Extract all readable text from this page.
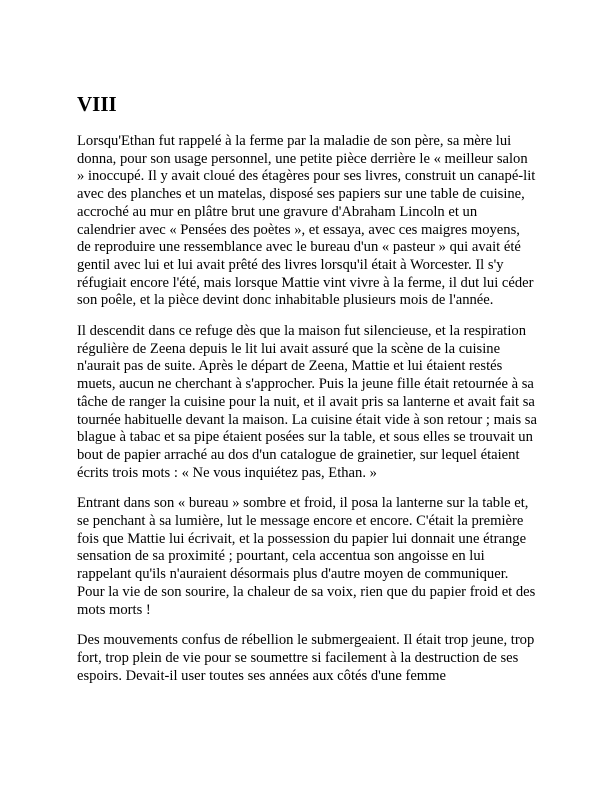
VIII

Lorsqu'Ethan fut rappelé à la ferme par la maladie de son père, sa mère lui donna, pour son usage personnel, une petite pièce derrière le « meilleur salon » inoccupé. Il y avait cloué des étagères pour ses livres, construit un canapé-lit avec des planches et un matelas, disposé ses papiers sur une table de cuisine, accroché au mur en plâtre brut une gravure d'Abraham Lincoln et un calendrier avec « Pensées des poètes », et essaya, avec ces maigres moyens, de reproduire une ressemblance avec le bureau d'un « pasteur » qui avait été gentil avec lui et lui avait prêté des livres lorsqu'il était à Worcester. Il s'y réfugiait encore l'été, mais lorsque Mattie vint vivre à la ferme, il dut lui céder son poêle, et la pièce devint donc inhabitable plusieurs mois de l'année.

Il descendit dans ce refuge dès que la maison fut silencieuse, et la respiration régulière de Zeena depuis le lit lui avait assuré que la scène de la cuisine n'aurait pas de suite. Après le départ de Zeena, Mattie et lui étaient restés muets, aucun ne cherchant à s'approcher. Puis la jeune fille était retournée à sa tâche de ranger la cuisine pour la nuit, et il avait pris sa lanterne et avait fait sa tournée habituelle devant la maison. La cuisine était vide à son retour ; mais sa blague à tabac et sa pipe étaient posées sur la table, et sous elles se trouvait un bout de papier arraché au dos d'un catalogue de grainetier, sur lequel étaient écrits trois mots : « Ne vous inquiétez pas, Ethan. »

Entrant dans son « bureau » sombre et froid, il posa la lanterne sur la table et, se penchant à sa lumière, lut le message encore et encore. C'était la première fois que Mattie lui écrivait, et la possession du papier lui donnait une étrange sensation de sa proximité ; pourtant, cela accentua son angoisse en lui rappelant qu'ils n'auraient désormais plus d'autre moyen de communiquer. Pour la vie de son sourire, la chaleur de sa voix, rien que du papier froid et des mots morts !

Des mouvements confus de rébellion le submergeaient. Il était trop jeune, trop fort, trop plein de vie pour se soumettre si facilement à la destruction de ses espoirs. Devait-il user toutes ses années aux côtés d'une femme
